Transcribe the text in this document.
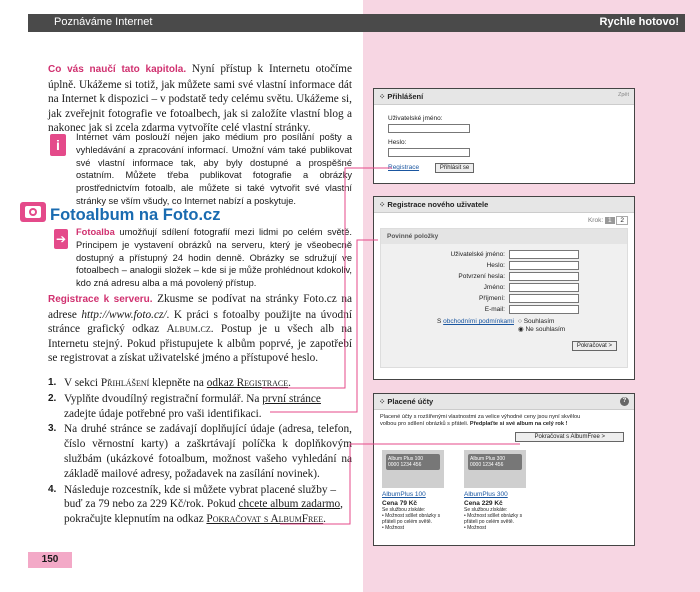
Poznáváme Internet	Rychle hotovo!
Co vás naučí tato kapitola. Nyní přístup k Internetu otočíme úplně. Ukážeme si totiž, jak můžete sami své vlastní informace dát na Internet k dispozici – v podstatě tedy celému světu. Ukážeme si, jak zveřejnit fotografie ve fotoalbech, jak si založíte vlastní blog a nakonec jak si zcela zdarma vytvoříte celé vlastní stránky.
i	Internet vám poslouží nejen jako médium pro posílání pošty a vyhledávání a zpracování informací. Umožní vám také publikovat své vlastní informace tak, aby byly dostupné a prospěšné ostatním. Můžete třeba publikovat fotografie a obrázky prostřednictvím fotoalb, ale můžete si také vytvořit své vlastní stránky se vším všudy, co Internet nabízí a poskytuje.
Fotoalbum na Foto.cz
➔ Fotoalba umožňují sdílení fotografií mezi lidmi po celém světě. Principem je vystavení obrázků na serveru, který je všeobecně dostupný a přístupný 24 hodin denně. Obrázky se sdružují ve fotoalbech – analogii složek – kde si je může prohlédnout kdokoliv, kdo zná adresu alba a má povolený přístup.
Registrace k serveru. Zkusme se podívat na stránky Foto.cz na adrese http://www.foto.cz/. K práci s fotoalby použijte na úvodní stránce grafický odkaz Album.cz. Postup je u všech alb na Internetu stejný. Pokud přistupujete k albům poprvé, je zapotřebí se registrovat a získat uživatelské jméno a přístupové heslo.
1. V sekci Přihlášení klepněte na odkaz Registrace.
2. Vyplňte dvoudílný registrační formulář. Na první stránce zadejte údaje potřebné pro vaši identifikaci.
3. Na druhé stránce se zadávají doplňující údaje (adresa, telefon, číslo věrnostní karty) a zaškrtávají políčka k doplňkovým službám (ukázkové fotoalbum, možnost vašeho vyhledání na základě mailové adresy, požadavek na zasílání novinek).
4. Následuje rozcestník, kde si můžete vybrat placené služby – buď za 79 nebo za 229 Kč/rok. Pokud chcete album zadarmo, pokračujte klepnutím na odkaz Pokračovat s AlbumFree.
150
⁘ Přihlášení	Zpět
Uživatelské jméno:
Heslo:
Registrace	Přihlásit se
⁘ Registrace nového uživatele
Krok: 1 2
Povinné položky
Uživatelské jméno:
Heslo:
Potvrzení hesla:
Jméno:
Příjmení:
E-mail:
S obchodními podmínkami ○ Souhlasím
◉ Ne souhlasím
Pokračovat >
⁘ Placené účty	?
Placené účty s rozšířenými vlastnostmi za velice výhodné ceny jsou nyní skvělou
volbou pro sdílení obrázků s přáteli. Předplaťte si své album na celý rok !
Pokračovat s AlbumFree >
Album Plus 100
0000 1234 456
AlbumPlus 100
Cena 79 Kč
Se službou získáte:
• Možnost sdílet obrázky s přáteli po celém světě.
• Možnost
Album Plus 300
0000 1234 456
AlbumPlus 300
Cena 229 Kč
Se službou získáte:
• Možnost sdílet obrázky s přáteli po celém světě.
• Možnost
